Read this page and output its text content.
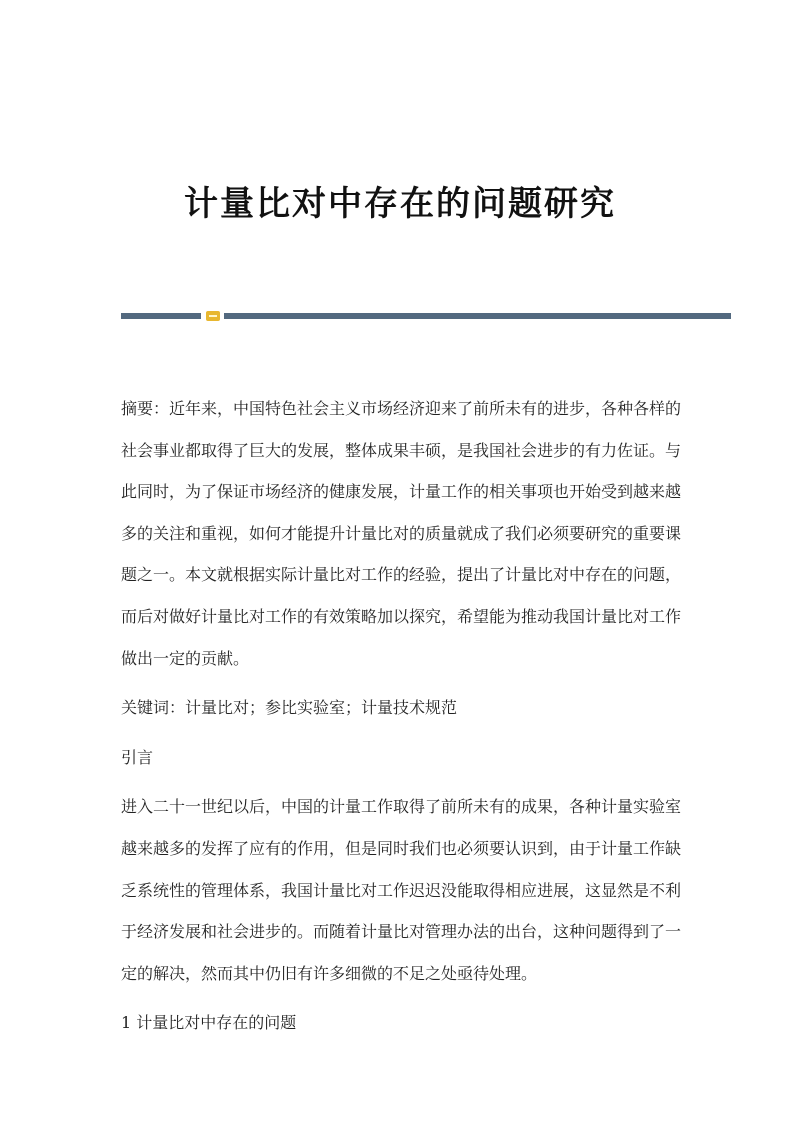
计量比对中存在的问题研究

摘要：近年来，中国特色社会主义市场经济迎来了前所未有的进步，各种各样的社会事业都取得了巨大的发展，整体成果丰硕，是我国社会进步的有力佐证。与此同时，为了保证市场经济的健康发展，计量工作的相关事项也开始受到越来越多的关注和重视，如何才能提升计量比对的质量就成了我们必须要研究的重要课题之一。本文就根据实际计量比对工作的经验，提出了计量比对中存在的问题，而后对做好计量比对工作的有效策略加以探究，希望能为推动我国计量比对工作做出一定的贡献。

关键词：计量比对；参比实验室；计量技术规范

引言

进入二十一世纪以后，中国的计量工作取得了前所未有的成果，各种计量实验室越来越多的发挥了应有的作用，但是同时我们也必须要认识到，由于计量工作缺乏系统性的管理体系，我国计量比对工作迟迟没能取得相应进展，这显然是不利于经济发展和社会进步的。而随着计量比对管理办法的出台，这种问题得到了一定的解决，然而其中仍旧有许多细微的不足之处亟待处理。

1 计量比对中存在的问题
